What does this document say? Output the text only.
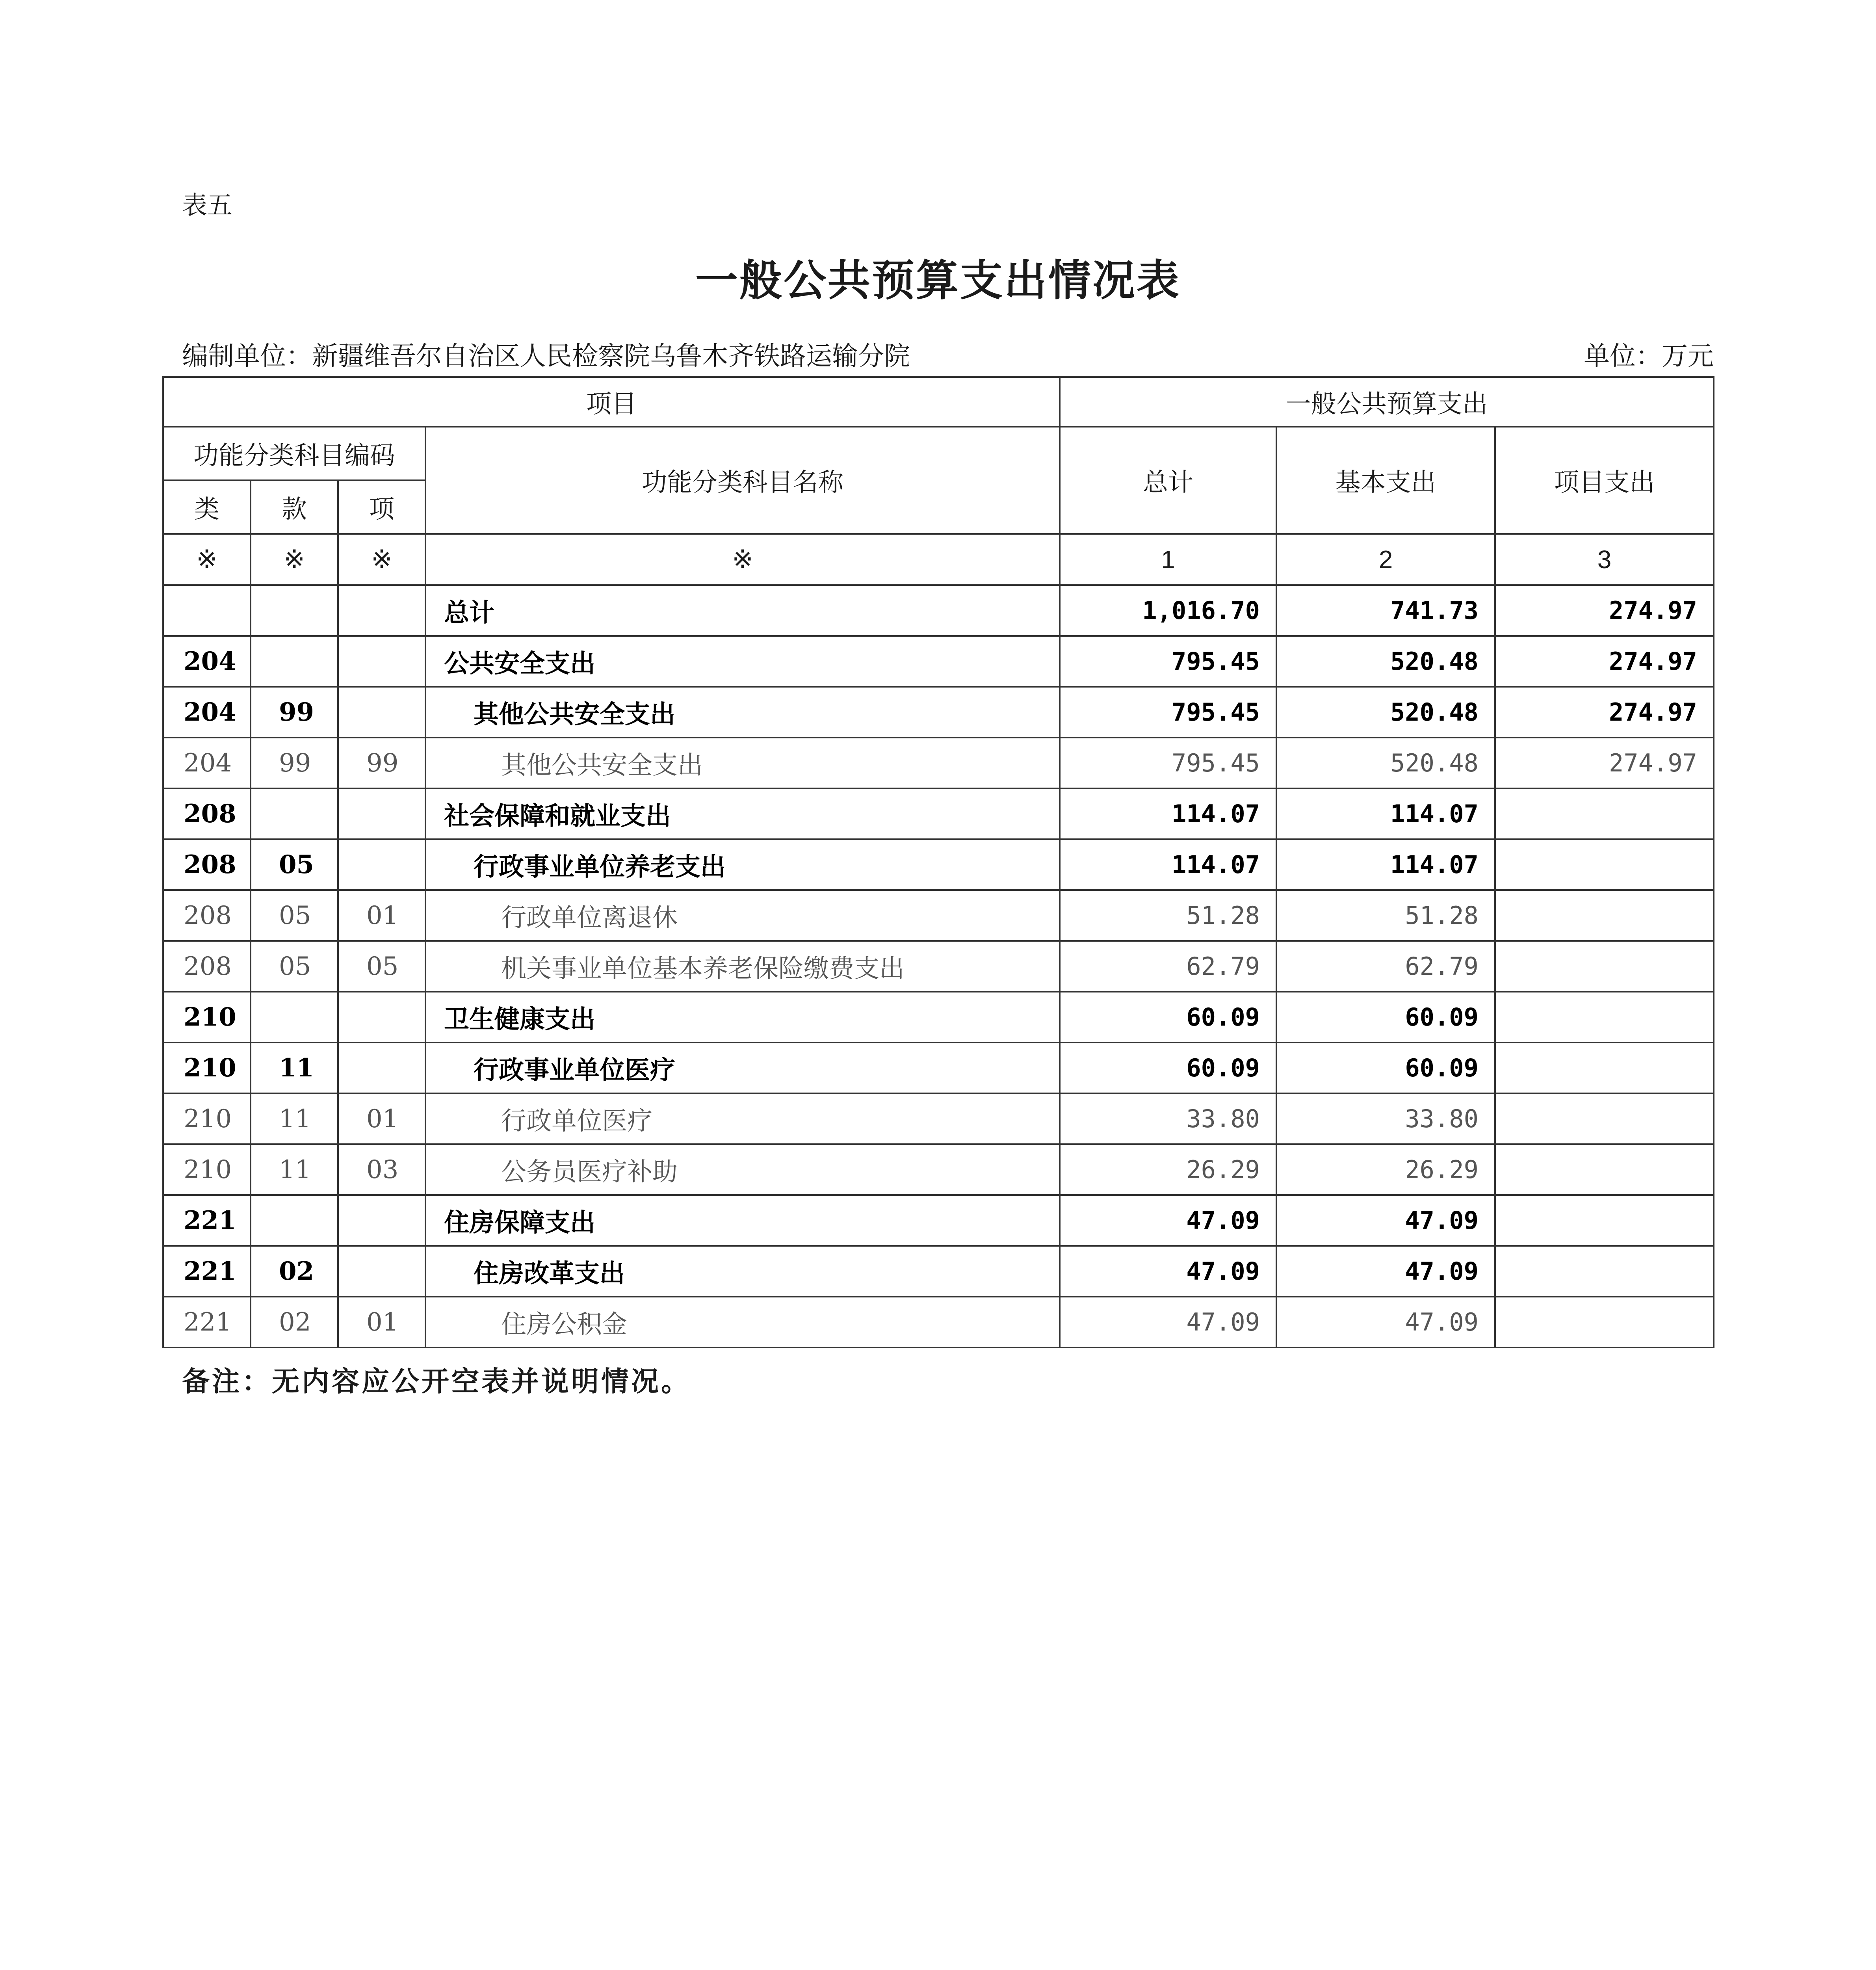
表五
一般公共预算支出情况表
编制单位：新疆维吾尔自治区人民检察院乌鲁木齐铁路运输分院	单位：万元
项目				一般公共预算支出		
功能分类科目编码			功能分类科目名称	总计	基本支出	项目支出
类	款	项				
※	※	※	※	1	2	3
			总计	1,016.70	741.73	274.97
204			公共安全支出	795.45	520.48	274.97
204	99		其他公共安全支出	795.45	520.48	274.97
204	99	99	其他公共安全支出	795.45	520.48	274.97
208			社会保障和就业支出	114.07	114.07	
208	05		行政事业单位养老支出	114.07	114.07	
208	05	01	行政单位离退休	51.28	51.28	
208	05	05	机关事业单位基本养老保险缴费支出	62.79	62.79	
210			卫生健康支出	60.09	60.09	
210	11		行政事业单位医疗	60.09	60.09	
210	11	01	行政单位医疗	33.80	33.80	
210	11	03	公务员医疗补助	26.29	26.29	
221			住房保障支出	47.09	47.09	
221	02		住房改革支出	47.09	47.09	
221	02	01	住房公积金	47.09	47.09	
备注：无内容应公开空表并说明情况。
